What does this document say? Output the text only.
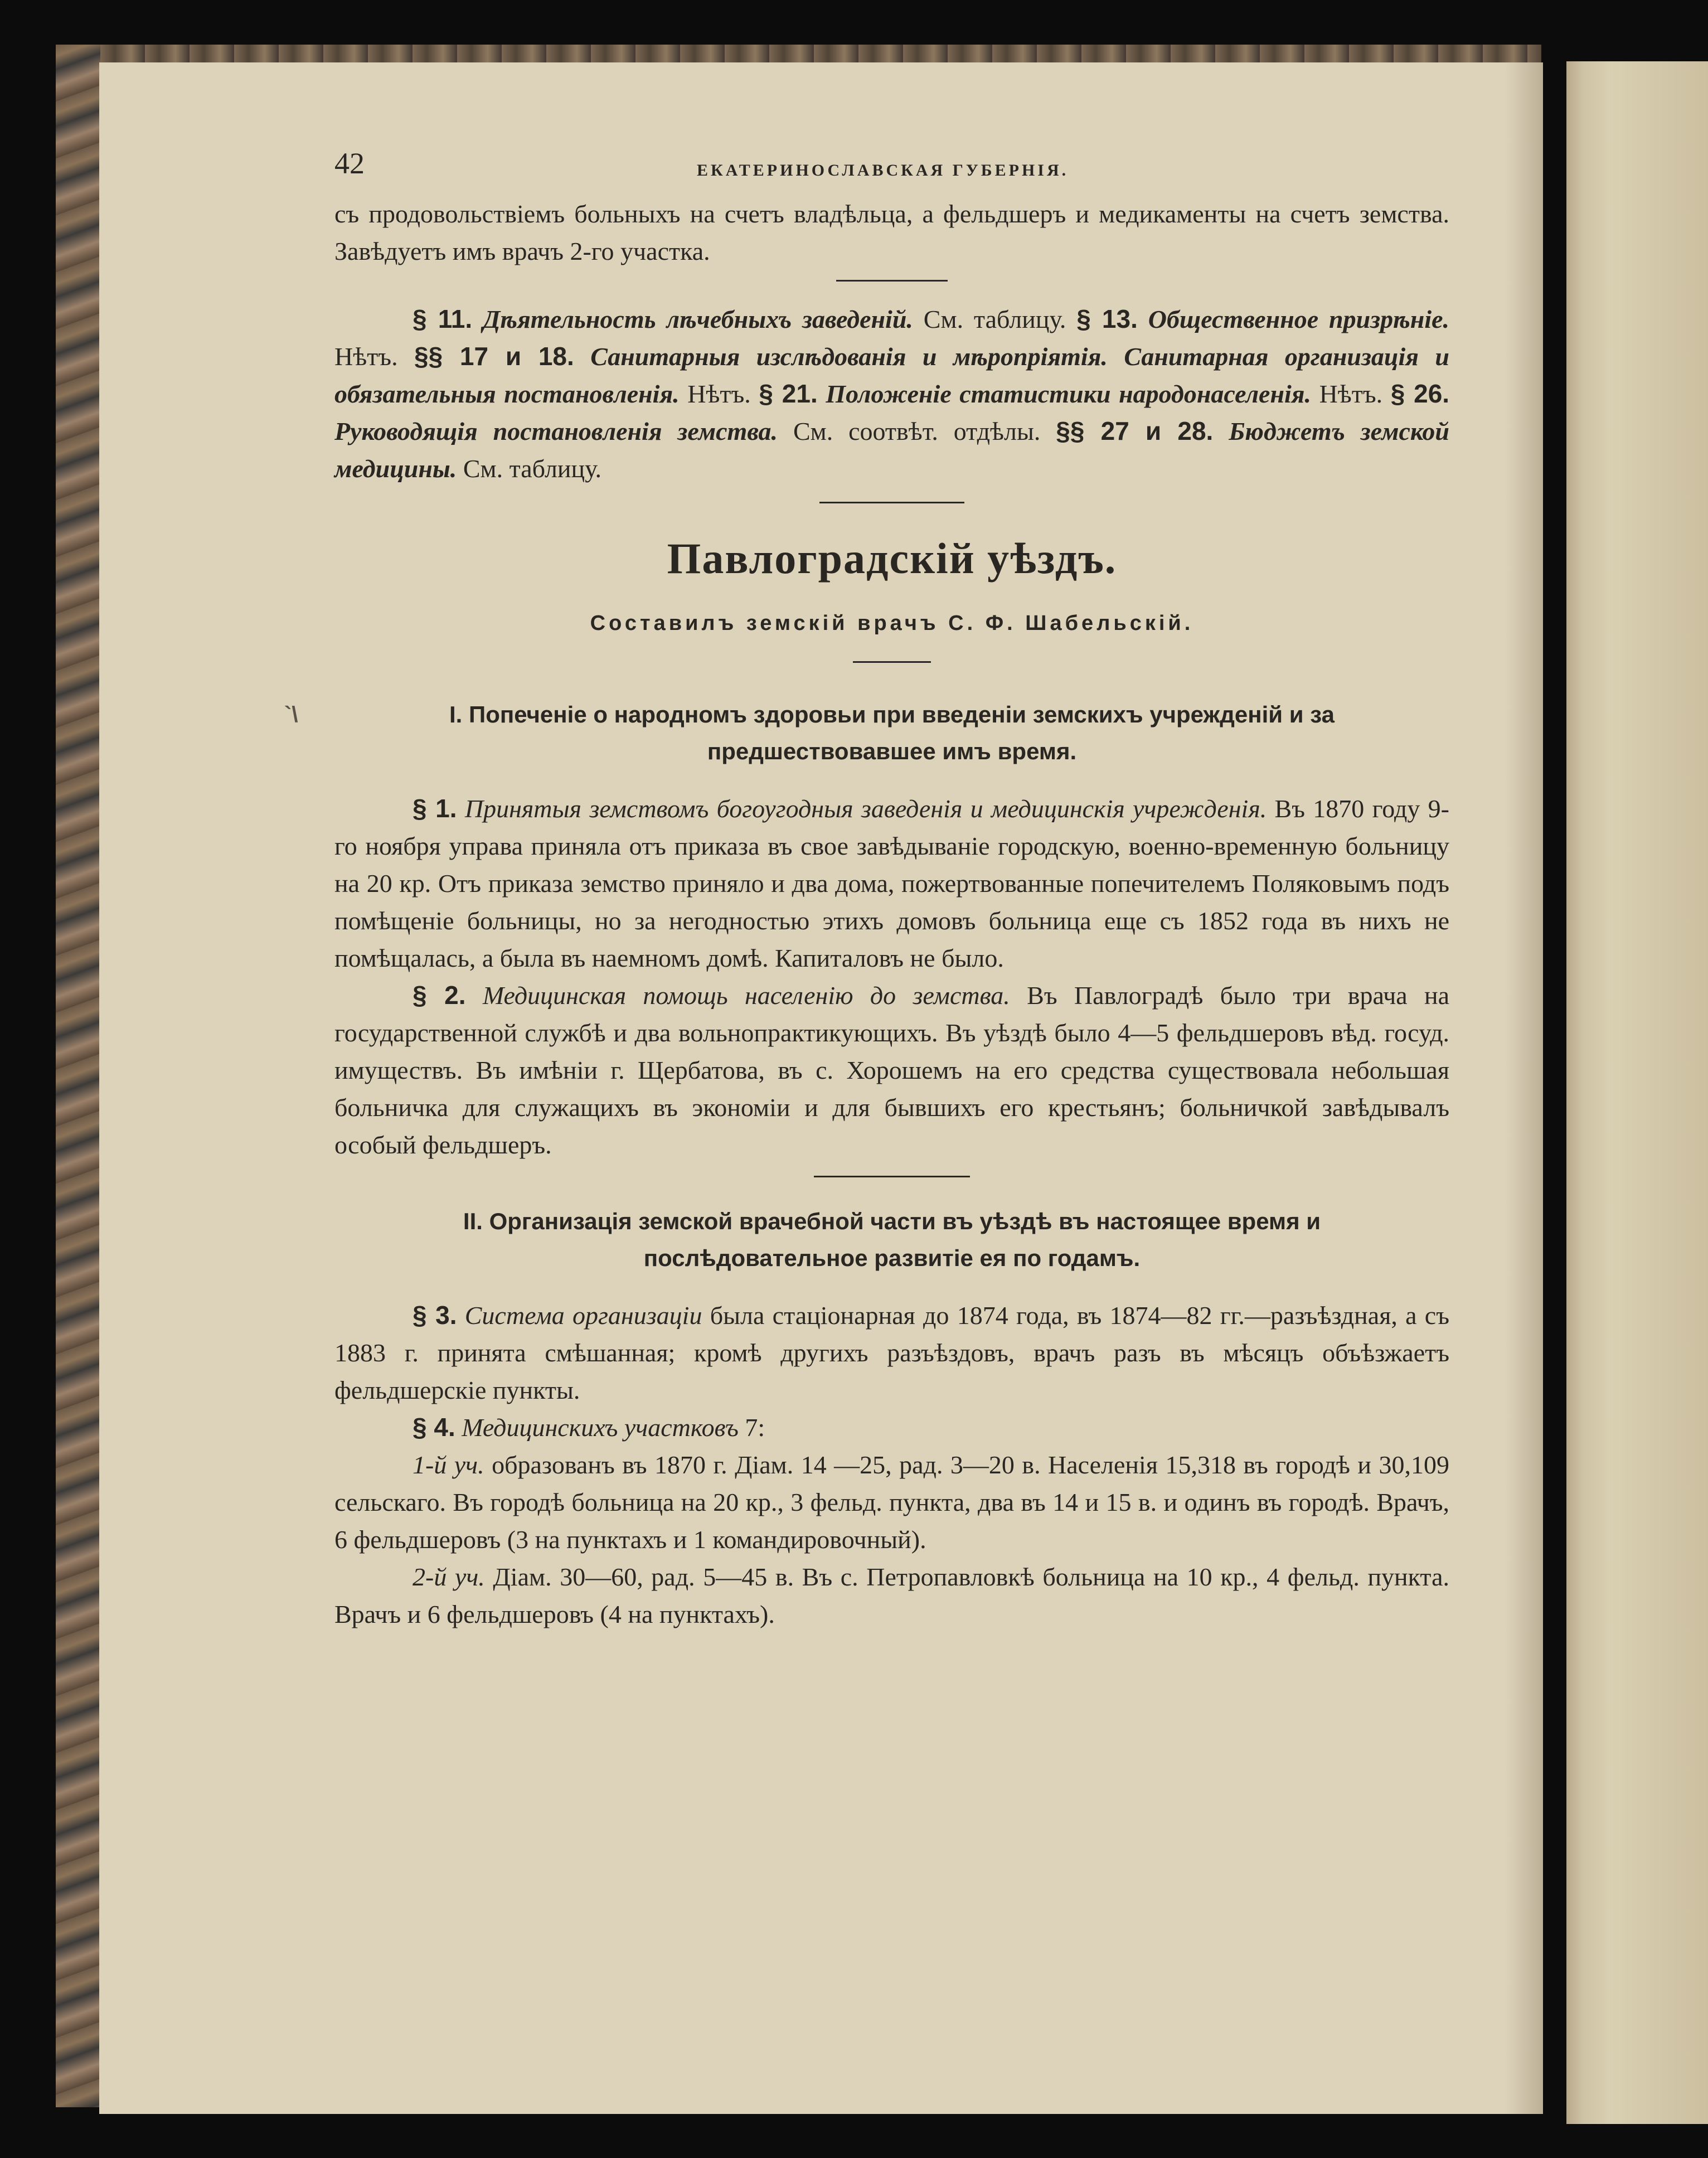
42	ЕКАТЕРИНОСЛАВСКАЯ ГУБЕРНІЯ.

съ продовольствіемъ больныхъ на счетъ владѣльца, а фельдшеръ и медикаменты на счетъ земства. Завѣдуетъ имъ врачъ 2-го участка.

§ 11. Дѣятельность лѣчебныхъ заведеній. См. таблицу. § 13. Общественное призрѣніе. Нѣтъ. §§ 17 и 18. Санитарныя изслѣдованія и мѣропріятія. Санитарная организація и обязательныя постановленія. Нѣтъ. § 21. Положеніе статистики народонаселенія. Нѣтъ. § 26. Руководящія постановленія земства. См. соотвѣт. отдѣлы. §§ 27 и 28. Бюджетъ земской медицины. См. таблицу.

Павлоградскій уѣздъ.
Составилъ земскій врачъ С. Ф. Шабельскій.
`\	I. Попеченіе о народномъ здоровьи при введеніи земскихъ учрежденій и за предшествовавшее имъ время.

§ 1. Принятыя земствомъ богоугодныя заведенія и медицинскія учрежденія. Въ 1870 году 9-го ноября управа приняла отъ приказа въ свое завѣдываніе городскую, военно-временную больницу на 20 кр. Отъ приказа земство приняло и два дома, пожертвованные попечителемъ Поляковымъ подъ помѣщеніе больницы, но за негодностью этихъ домовъ больница еще съ 1852 года въ нихъ не помѣщалась, а была въ наемномъ домѣ. Капиталовъ не было.

§ 2. Медицинская помощь населенію до земства. Въ Павлоградѣ было три врача на государственной службѣ и два вольнопрактикующихъ. Въ уѣздѣ было 4—5 фельдшеровъ вѣд. госуд. имуществъ. Въ имѣніи г. Щербатова, въ с. Хорошемъ на его средства существовала небольшая больничка для служащихъ въ экономіи и для бывшихъ его крестьянъ; больничкой завѣдывалъ особый фельдшеръ.

II. Организація земской врачебной части въ уѣздѣ въ настоящее время и послѣдовательное развитіе ея по годамъ.

§ 3. Система организаціи была стаціонарная до 1874 года, въ 1874—82 гг.—разъѣздная, а съ 1883 г. принята смѣшанная; кромѣ другихъ разъѣздовъ, врачъ разъ въ мѣсяцъ объѣзжаетъ фельдшерскіе пункты.

§ 4. Медицинскихъ участковъ 7:

1-й уч. образованъ въ 1870 г. Діам. 14 —25, рад. 3—20 в. Населенія 15,318 въ городѣ и 30,109 сельскаго. Въ городѣ больница на 20 кр., 3 фельд. пункта, два въ 14 и 15 в. и одинъ въ городѣ. Врачъ, 6 фельдшеровъ (3 на пунктахъ и 1 командировочный).

2-й уч. Діам. 30—60, рад. 5—45 в. Въ с. Петропавловкѣ больница на 10 кр., 4 фельд. пункта. Врачъ и 6 фельдшеровъ (4 на пунктахъ).
